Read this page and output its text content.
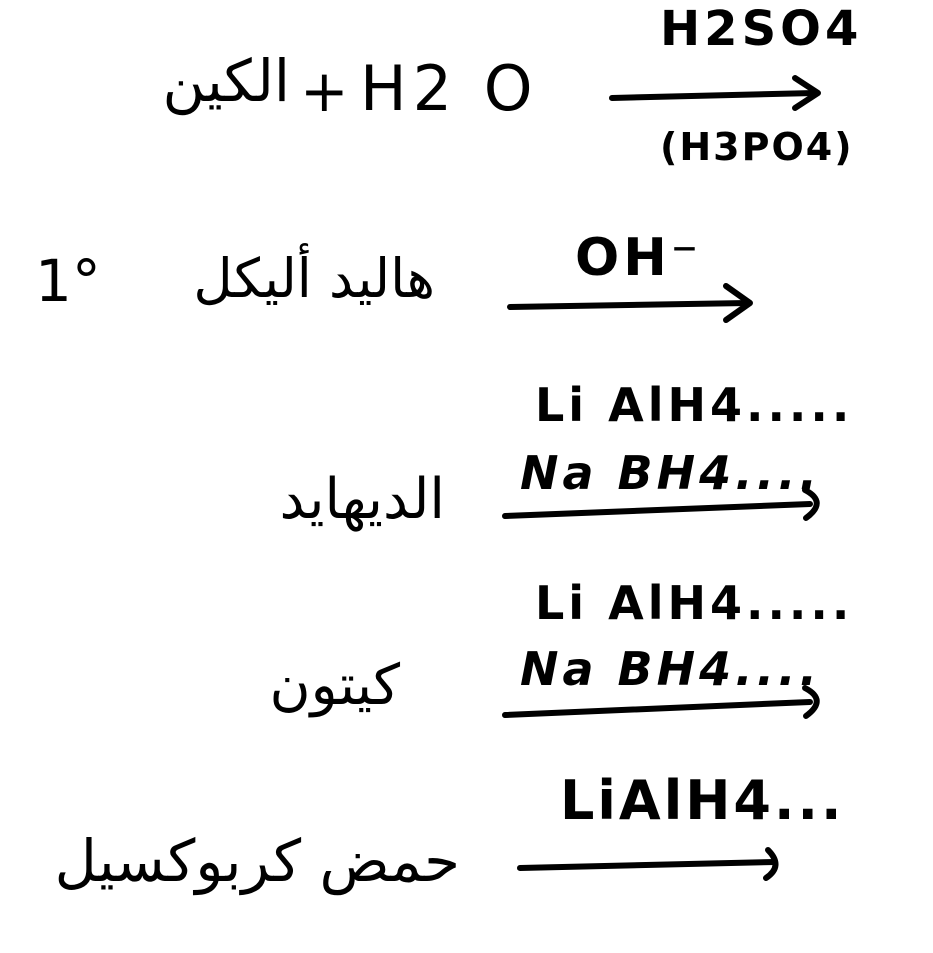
الكين + H2 O
H2SO4
(H3PO4)
1°	هاليد أليكل	OH⁻
Li AlH4.....
Na BH4....
الديهايد
Li AlH4.....
Na BH4....
كيتون
LiAlH4...
حمض كربوكسيل
